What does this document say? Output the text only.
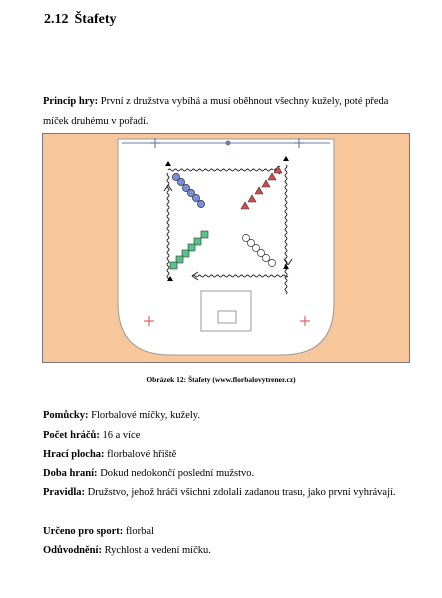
2.12 Štafety
Princip hry: První z družstva vybíhá a musí oběhnout všechny kužely, poté předa míček druhému v pořadí.
Obrázek 12: Štafety (www.florbalovytrener.cz)
Pomůcky: Florbalové míčky, kužely.
Počet hráčů: 16 a více
Hrací plocha: florbalové hřiště
Doba hraní: Dokud nedokončí poslední mužstvo.
Pravidla: Družstvo, jehož hráči všichni zdolali zadanou trasu, jako první vyhrávají.
Určeno pro sport: florbal
Odůvodnění: Rychlost a vedení míčku.
